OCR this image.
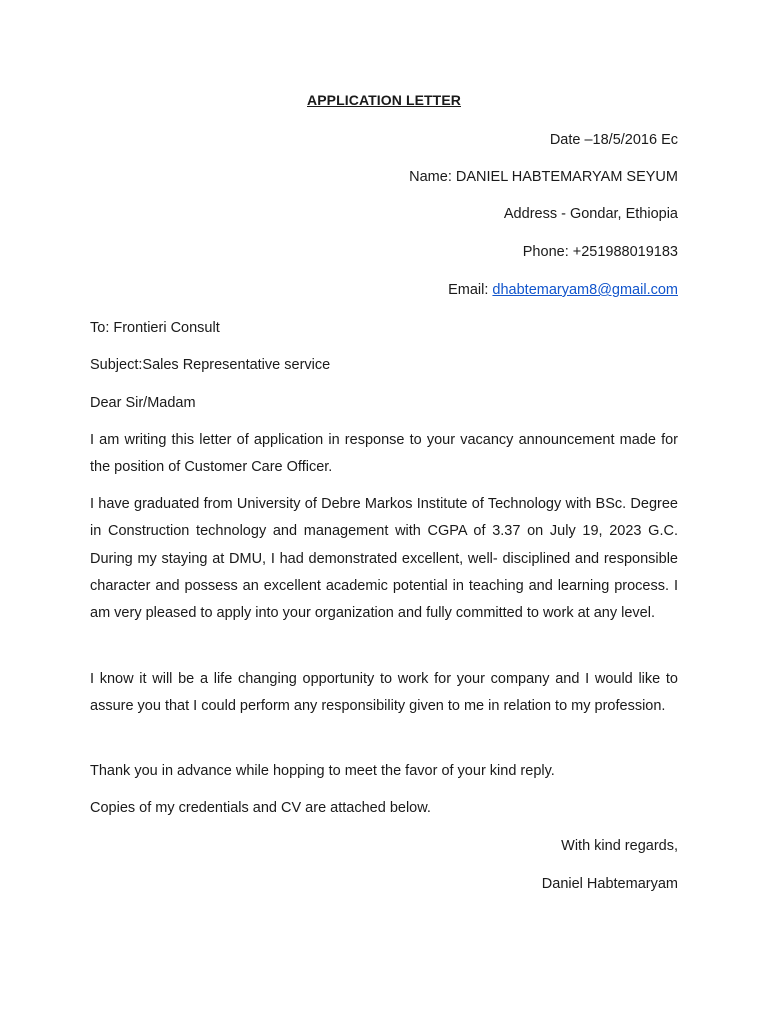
APPLICATION LETTER
Date –18/5/2016 Ec
Name: DANIEL HABTEMARYAM SEYUM
Address - Gondar, Ethiopia
Phone: +251988019183
Email: dhabtemaryam8@gmail.com
To: Frontieri Consult
Subject:Sales Representative service
Dear Sir/Madam
I am writing this letter of application in response to your vacancy announcement made for the position of Customer Care Officer.
I have graduated from University of Debre Markos Institute of Technology with BSc. Degree in Construction technology and management with CGPA of 3.37 on July 19, 2023 G.C. During my staying at DMU, I had demonstrated excellent, well- disciplined and responsible character and possess an excellent academic potential in teaching and learning process. I am very pleased to apply into your organization and fully committed to work at any level.
I know it will be a life changing opportunity to work for your company and I would like to assure you that I could perform any responsibility given to me in relation to my profession.
Thank you in advance while hopping to meet the favor of your kind reply.
Copies of my credentials and CV are attached below.
With kind regards,
Daniel Habtemaryam
